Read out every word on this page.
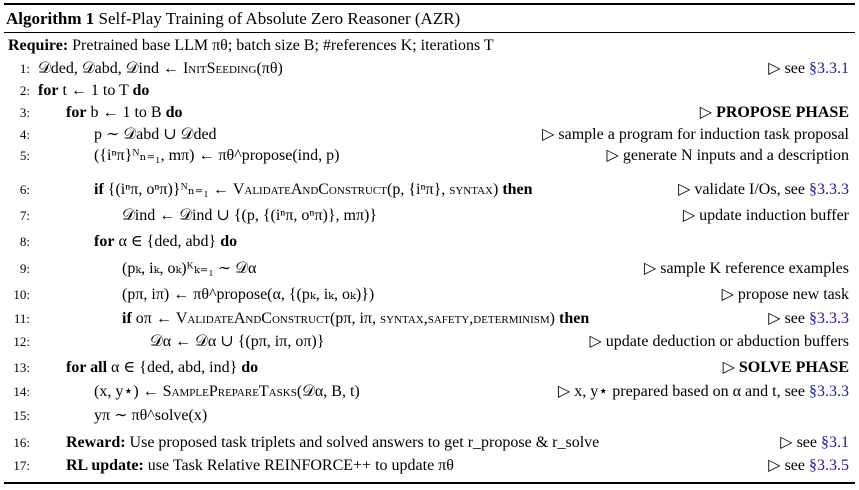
Algorithm 1 Self-Play Training of Absolute Zero Reasoner (AZR)
Require: Pretrained base LLM πθ; batch size B; #references K; iterations T
1: 𝒟ded, 𝒟abd, 𝒟ind ← InitSeeding(πθ)	▷ see §3.3.1
2: for t ← 1 to T do
3: for b ← 1 to B do	▷ PROPOSE PHASE
4:	p ∼ 𝒟abd ∪ 𝒟ded	▷ sample a program for induction task proposal
5:	({iⁿπ}ᴺₙ₌₁, mπ) ← πθ^propose(ind, p)	▷ generate N inputs and a description
6:	if {(iⁿπ, oⁿπ)}ᴺₙ₌₁ ← ValidateAndConstruct(p, {iⁿπ}, syntax) then	▷ validate I/Os, see §3.3.3
7:	𝒟ind ← 𝒟ind ∪ {(p, {(iⁿπ, oⁿπ)}, mπ)}	▷ update induction buffer
8:	for α ∈ {ded, abd} do
9:	(pₖ, iₖ, oₖ)ᴷₖ₌₁ ∼ 𝒟α	▷ sample K reference examples
10:	(pπ, iπ) ← πθ^propose(α, {(pₖ, iₖ, oₖ)})	▷ propose new task
11:	if oπ ← ValidateAndConstruct(pπ, iπ, syntax,safety,determinism) then	▷ see §3.3.3
12:	𝒟α ← 𝒟α ∪ {(pπ, iπ, oπ)}	▷ update deduction or abduction buffers
13: for all α ∈ {ded, abd, ind} do	▷ SOLVE PHASE
14:	(x, y⋆) ← SamplePrepareTasks(𝒟α, B, t)	▷ x, y⋆ prepared based on α and t, see §3.3.3
15:	yπ ∼ πθ^solve(x)
16: Reward: Use proposed task triplets and solved answers to get r_propose & r_solve	▷ see §3.1
17: RL update: use Task Relative REINFORCE++ to update πθ	▷ see §3.3.5
